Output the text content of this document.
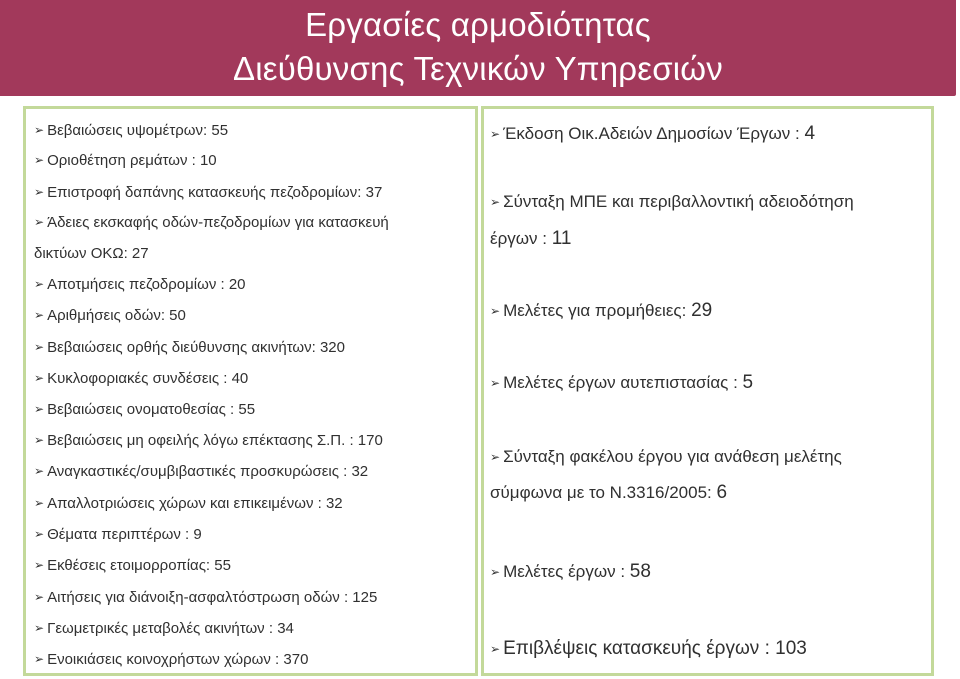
Εργασίες αρμοδιότητας
Διεύθυνσης Τεχνικών Υπηρεσιών
➢ Βεβαιώσεις υψομέτρων: 55
➢ Οριοθέτηση ρεμάτων : 10
➢ Επιστροφή δαπάνης κατασκευής πεζοδρομίων: 37
➢ Άδειες εκσκαφής οδών-πεζοδρομίων για κατασκευή
δικτύων ΟΚΩ: 27
➢ Αποτμήσεις πεζοδρομίων : 20
➢ Αριθμήσεις οδών: 50
➢ Βεβαιώσεις ορθής διεύθυνσης ακινήτων: 320
➢ Κυκλοφοριακές συνδέσεις : 40
➢ Βεβαιώσεις ονοματοθεσίας : 55
➢ Βεβαιώσεις μη οφειλής λόγω επέκτασης Σ.Π. : 170
➢ Αναγκαστικές/συμβιβαστικές προσκυρώσεις : 32
➢ Απαλλοτριώσεις χώρων και επικειμένων : 32
➢ Θέματα περιπτέρων : 9
➢ Εκθέσεις ετοιμορροπίας: 55
➢ Αιτήσεις για διάνοιξη-ασφαλτόστρωση οδών : 125
➢ Γεωμετρικές μεταβολές ακινήτων : 34
➢ Ενοικιάσεις κοινοχρήστων χώρων : 370
➢ Έκδοση Οικ.Αδειών Δημοσίων Έργων : 4
➢ Σύνταξη ΜΠΕ και περιβαλλοντική αδειοδότηση
έργων : 11
➢ Μελέτες για προμήθειες: 29
➢ Μελέτες έργων αυτεπιστασίας : 5
➢ Σύνταξη φακέλου έργου για ανάθεση μελέτης
σύμφωνα με το Ν.3316/2005: 6
➢ Μελέτες έργων : 58
➢ Επιβλέψεις κατασκευής έργων : 103
